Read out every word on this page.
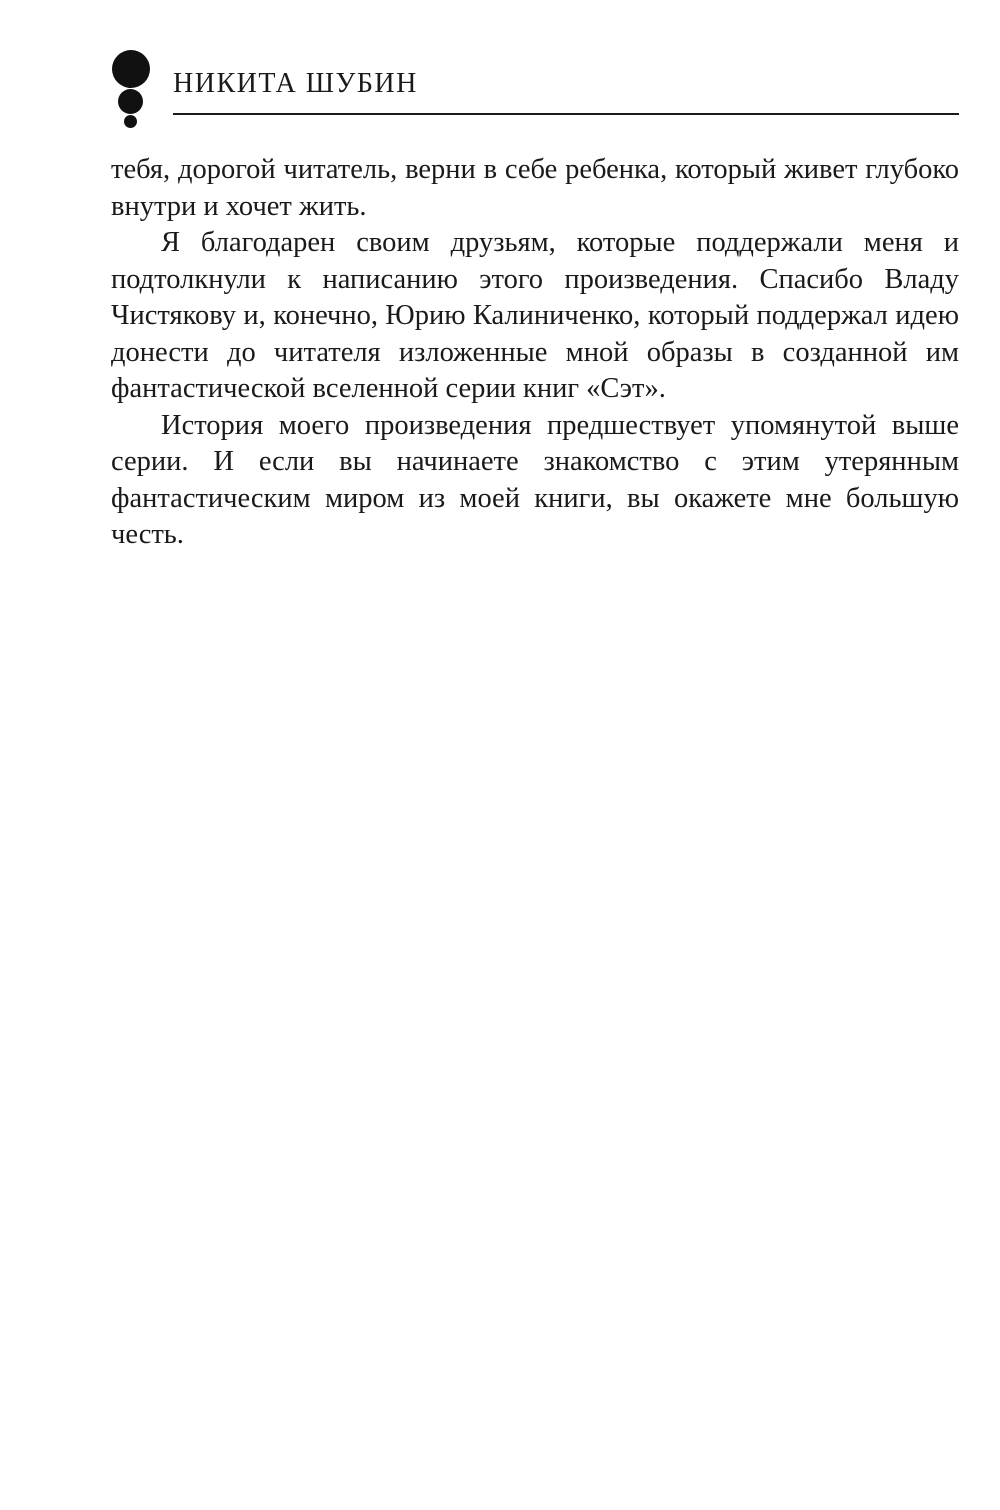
НИКИТА ШУБИН

тебя, дорогой читатель, верни в себе ребенка, который живет глубоко внутри и хочет жить.

Я благодарен своим друзьям, которые поддержали меня и подтолкнули к написанию этого произведения. Спасибо Владу Чистякову и, конечно, Юрию Калиниченко, который поддержал идею донести до читателя изложенные мной образы в созданной им фантастической вселенной серии книг «Сэт».

История моего произведения предшествует упомянутой выше серии. И если вы начинаете знакомство с этим утерянным фантастическим миром из моей книги, вы окажете мне большую честь.
